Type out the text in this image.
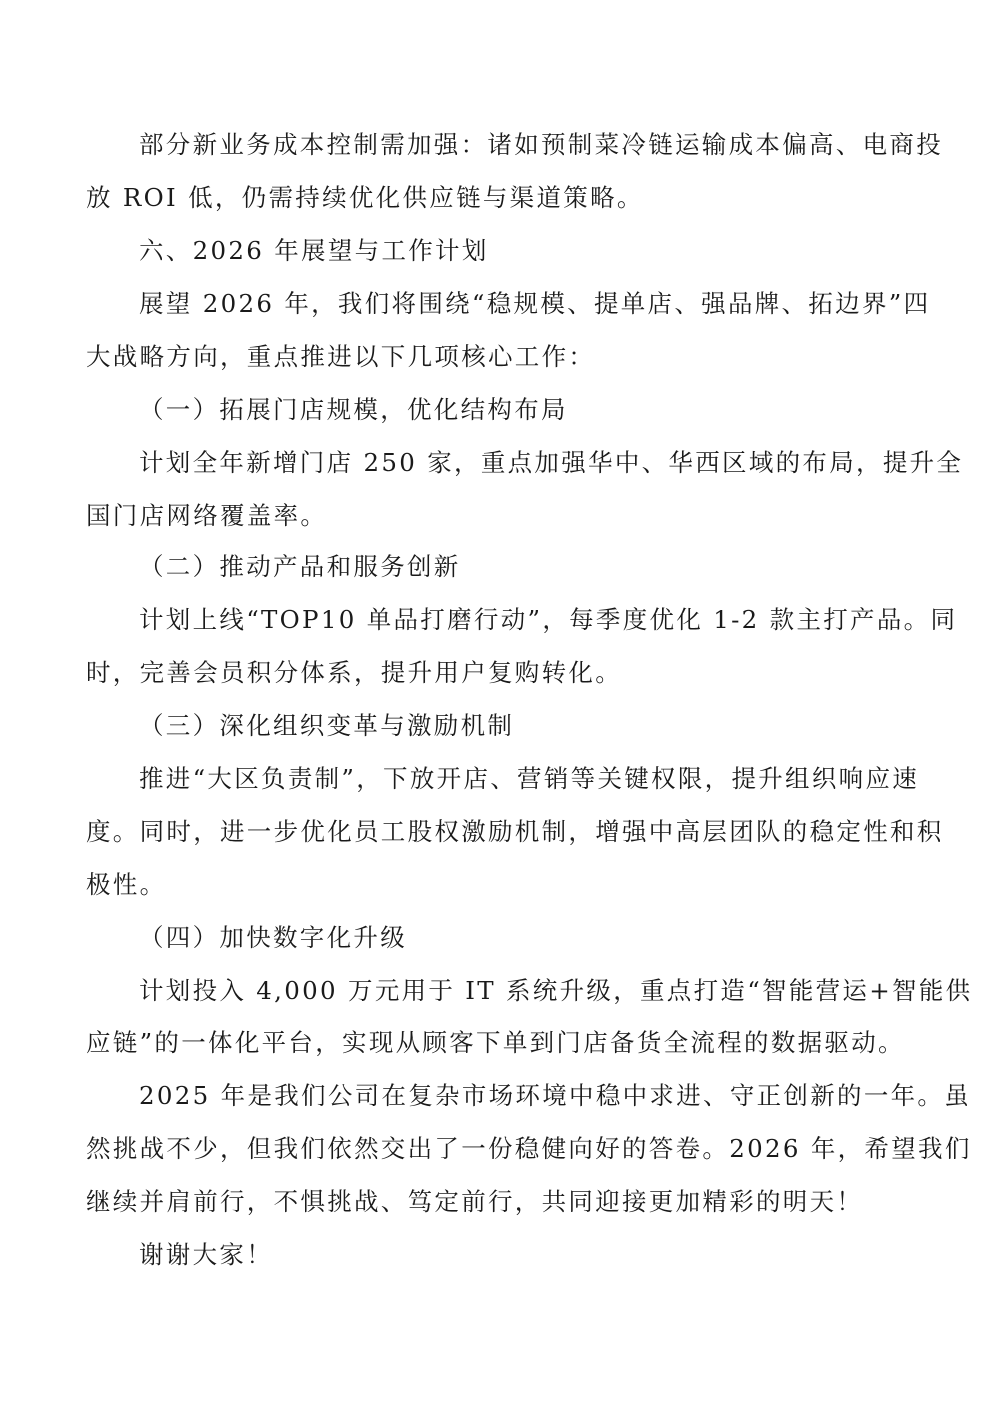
部分新业务成本控制需加强：诸如预制菜冷链运输成本偏高、电商投
放 ROI 低，仍需持续优化供应链与渠道策略。
六、2026 年展望与工作计划
展望 2026 年，我们将围绕“稳规模、提单店、强品牌、拓边界”四
大战略方向，重点推进以下几项核心工作：
（一）拓展门店规模，优化结构布局
计划全年新增门店 250 家，重点加强华中、华西区域的布局，提升全
国门店网络覆盖率。
（二）推动产品和服务创新
计划上线“TOP10 单品打磨行动”，每季度优化 1-2 款主打产品。同
时，完善会员积分体系，提升用户复购转化。
（三）深化组织变革与激励机制
推进“大区负责制”，下放开店、营销等关键权限，提升组织响应速
度。同时，进一步优化员工股权激励机制，增强中高层团队的稳定性和积
极性。
（四）加快数字化升级
计划投入 4,000 万元用于 IT 系统升级，重点打造“智能营运+智能供
应链”的一体化平台，实现从顾客下单到门店备货全流程的数据驱动。
2025 年是我们公司在复杂市场环境中稳中求进、守正创新的一年。虽
然挑战不少，但我们依然交出了一份稳健向好的答卷。2026 年，希望我们
继续并肩前行，不惧挑战、笃定前行，共同迎接更加精彩的明天！
谢谢大家！
